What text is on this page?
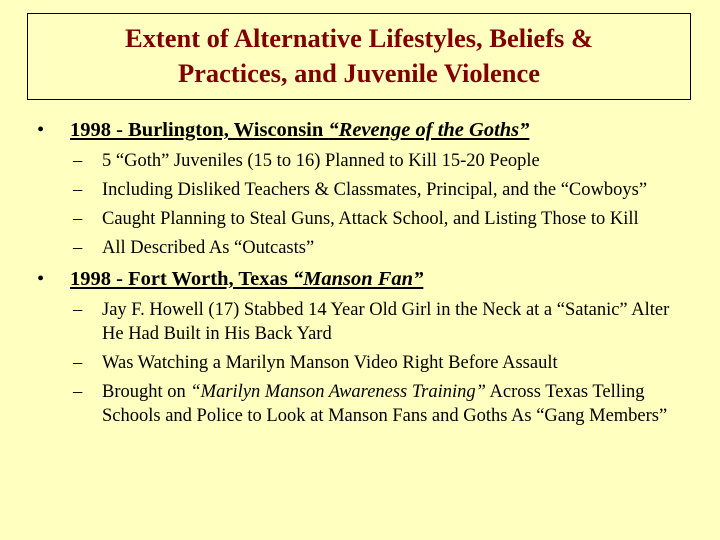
Extent of Alternative Lifestyles, Beliefs &
Practices, and Juvenile Violence
• 1998 - Burlington, Wisconsin “Revenge of the Goths”
– 5 “Goth” Juveniles (15 to 16) Planned to Kill 15-20 People
– Including Disliked Teachers & Classmates, Principal, and the “Cowboys”
– Caught Planning to Steal Guns, Attack School, and Listing Those to Kill
– All Described As “Outcasts”
• 1998 - Fort Worth, Texas “Manson Fan”
– Jay F. Howell (17) Stabbed 14 Year Old Girl in the Neck at a “Satanic” Alter He Had Built in His Back Yard
– Was Watching a Marilyn Manson Video Right Before Assault
– Brought on “Marilyn Manson Awareness Training” Across Texas Telling Schools and Police to Look at Manson Fans and Goths As “Gang Members”
